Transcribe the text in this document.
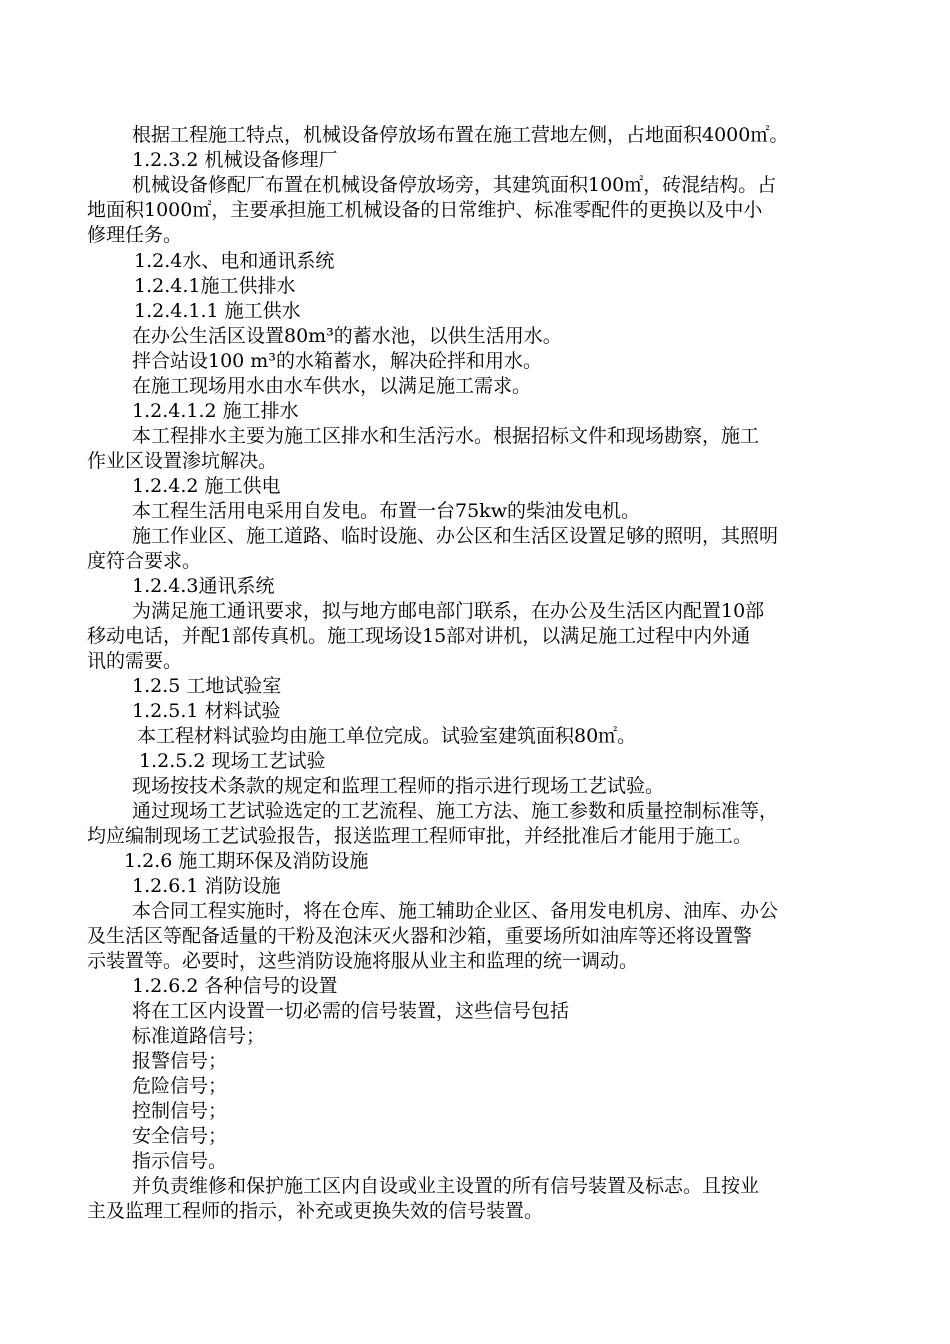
根据工程施工特点，机械设备停放场布置在施工营地左侧，占地面积4000㎡。
1.2.3.2 机械设备修理厂
机械设备修配厂布置在机械设备停放场旁，其建筑面积100㎡，砖混结构。占
地面积1000㎡，主要承担施工机械设备的日常维护、标准零配件的更换以及中小
修理任务。
1.2.4水、电和通讯系统
1.2.4.1施工供排水
1.2.4.1.1 施工供水
在办公生活区设置80m³的蓄水池，以供生活用水。
拌合站设100 m³的水箱蓄水，解决砼拌和用水。
在施工现场用水由水车供水，以满足施工需求。
1.2.4.1.2 施工排水
本工程排水主要为施工区排水和生活污水。根据招标文件和现场勘察，施工
作业区设置渗坑解决。
1.2.4.2 施工供电
本工程生活用电采用自发电。布置一台75kw的柴油发电机。
施工作业区、施工道路、临时设施、办公区和生活区设置足够的照明，其照明
度符合要求。
1.2.4.3通讯系统
为满足施工通讯要求，拟与地方邮电部门联系，在办公及生活区内配置10部
移动电话，并配1部传真机。施工现场设15部对讲机，以满足施工过程中内外通
讯的需要。
1.2.5 工地试验室
1.2.5.1 材料试验
本工程材料试验均由施工单位完成。试验室建筑面积80㎡。
1.2.5.2 现场工艺试验
现场按技术条款的规定和监理工程师的指示进行现场工艺试验。
通过现场工艺试验选定的工艺流程、施工方法、施工参数和质量控制标准等，
均应编制现场工艺试验报告，报送监理工程师审批，并经批准后才能用于施工。
1.2.6 施工期环保及消防设施
1.2.6.1 消防设施
本合同工程实施时，将在仓库、施工辅助企业区、备用发电机房、油库、办公
及生活区等配备适量的干粉及泡沫灭火器和沙箱，重要场所如油库等还将设置警
示装置等。必要时，这些消防设施将服从业主和监理的统一调动。
1.2.6.2 各种信号的设置
将在工区内设置一切必需的信号装置，这些信号包括
标准道路信号；
报警信号；
危险信号；
控制信号；
安全信号；
指示信号。
并负责维修和保护施工区内自设或业主设置的所有信号装置及标志。且按业
主及监理工程师的指示，补充或更换失效的信号装置。
